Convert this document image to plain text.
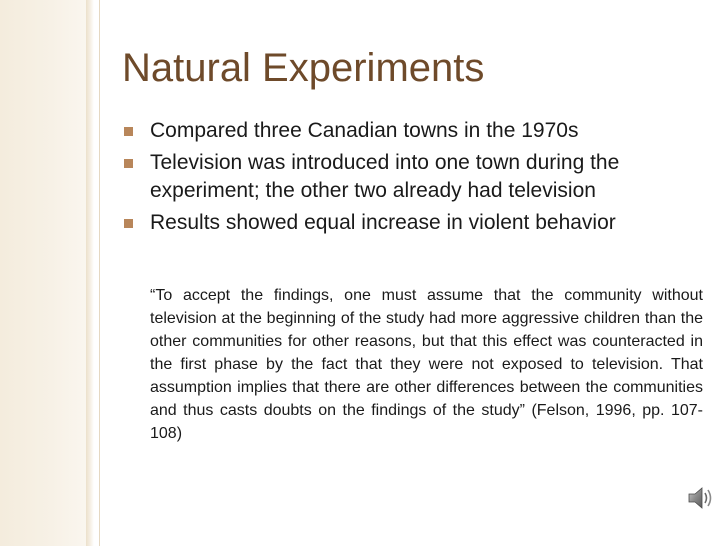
Natural Experiments
Compared three Canadian towns in the 1970s
Television was introduced into one town during the experiment; the other two already had television
Results showed equal increase in violent behavior

“To accept the findings, one must assume that the community without television at the beginning of the study had more aggressive children than the other communities for other reasons, but that this effect was counteracted in the first phase by the fact that they were not exposed to television. That assumption implies that there are other differences between the communities and thus casts doubts on the findings of the study” (Felson, 1996, pp. 107-108)
